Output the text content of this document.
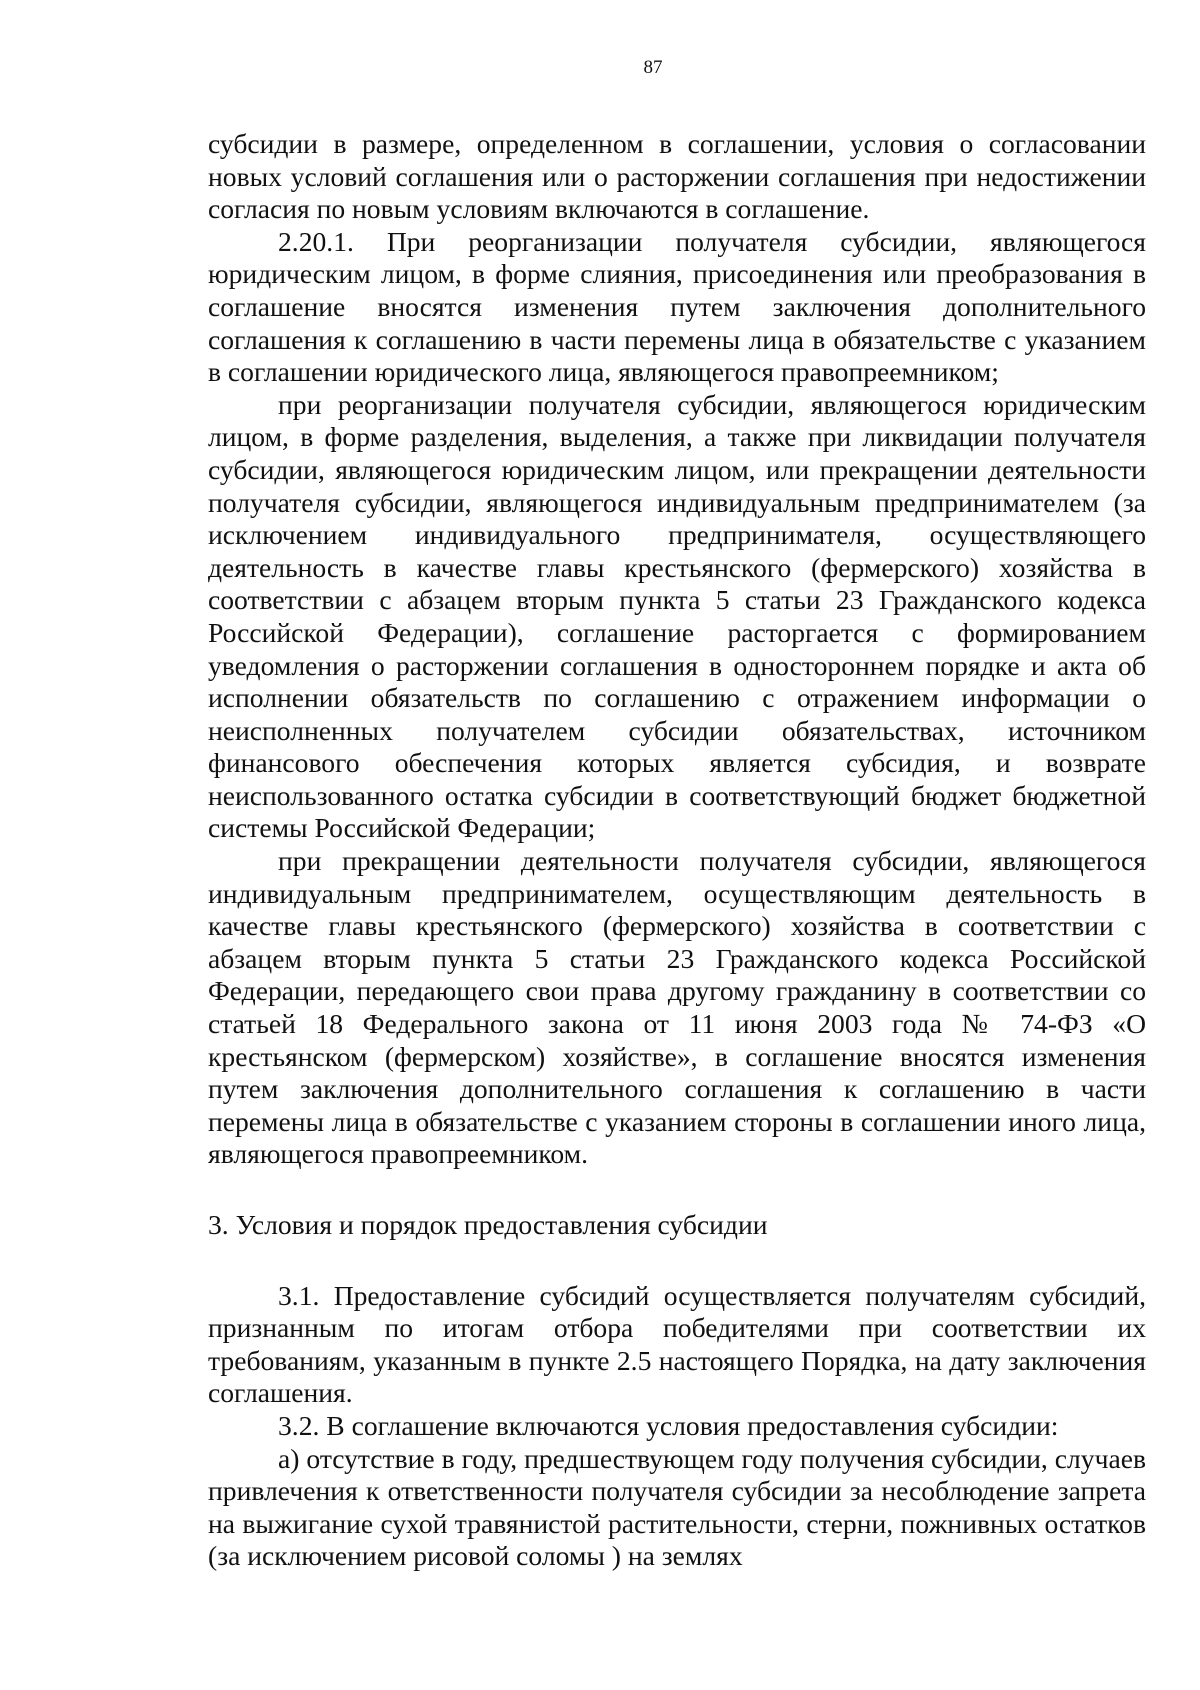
87

субсидии в размере, определенном в соглашении, условия о согласовании новых условий соглашения или о расторжении соглашения при недостижении согласия по новым условиям включаются в соглашение.

2.20.1. При реорганизации получателя субсидии, являющегося юридическим лицом, в форме слияния, присоединения или преобразования в соглашение вносятся изменения путем заключения дополнительного соглашения к соглашению в части перемены лица в обязательстве с указанием в соглашении юридического лица, являющегося правопреемником;

при реорганизации получателя субсидии, являющегося юридическим лицом, в форме разделения, выделения, а также при ликвидации получателя субсидии, являющегося юридическим лицом, или прекращении деятельности получателя субсидии, являющегося индивидуальным предпринимателем (за исключением индивидуального предпринимателя, осуществляющего деятельность в качестве главы крестьянского (фермерского) хозяйства в соответствии с абзацем вторым пункта 5 статьи 23 Гражданского кодекса Российской Федерации), соглашение расторгается с формированием уведомления о расторжении соглашения в одностороннем порядке и акта об исполнении обязательств по соглашению с отражением информации о неисполненных получателем субсидии обязательствах, источником финансового обеспечения которых является субсидия, и возврате неиспользованного остатка субсидии в соответствующий бюджет бюджетной системы Российской Федерации;

при прекращении деятельности получателя субсидии, являющегося индивидуальным предпринимателем, осуществляющим деятельность в качестве главы крестьянского (фермерского) хозяйства в соответствии с абзацем вторым пункта 5 статьи 23 Гражданского кодекса Российской Федерации, передающего свои права другому гражданину в соответствии со статьей 18 Федерального закона от 11 июня 2003 года № 74-ФЗ «О крестьянском (фермерском) хозяйстве», в соглашение вносятся изменения путем заключения дополнительного соглашения к соглашению в части перемены лица в обязательстве с указанием стороны в соглашении иного лица, являющегося правопреемником.

3. Условия и порядок предоставления субсидии

3.1. Предоставление субсидий осуществляется получателям субсидий, признанным по итогам отбора победителями при соответствии их требованиям, указанным в пункте 2.5 настоящего Порядка, на дату заключения соглашения.

3.2. В соглашение включаются условия предоставления субсидии:

а) отсутствие в году, предшествующем году получения субсидии, случаев привлечения к ответственности получателя субсидии за несоблюдение запрета на выжигание сухой травянистой растительности, стерни, пожнивных остатков (за исключением рисовой соломы ) на землях
